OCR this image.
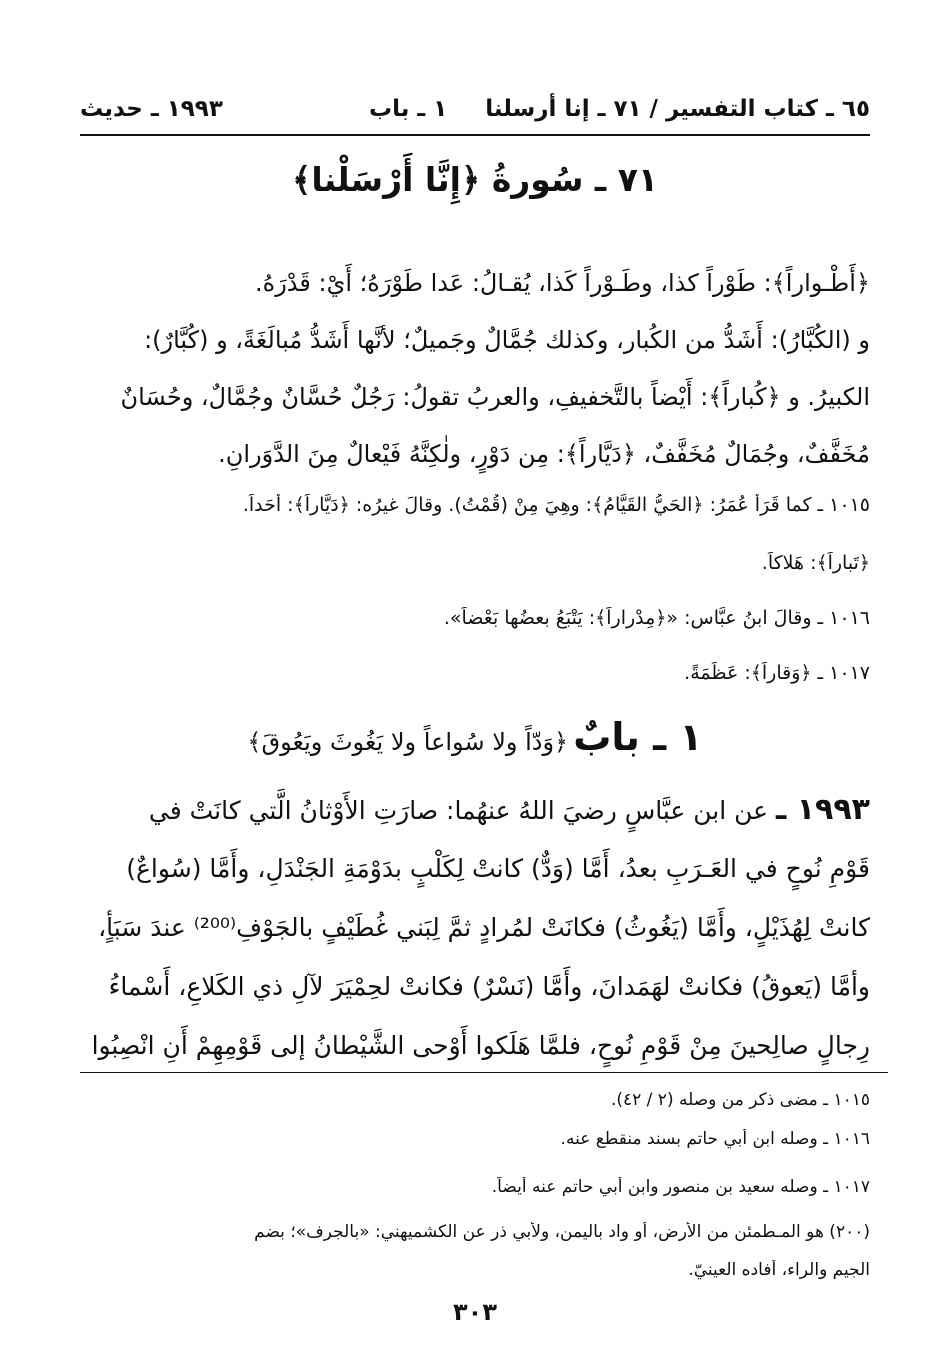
٦٥ ـ كتاب التفسير / ٧١ ـ إنا أرسلنا
١ ـ باب
١٩٩٣ ـ حديث
٧١ ـ سُورةُ ﴿إِنَّا أَرْسَلْنا﴾
﴿أَطْـواراً﴾: طَوْراً كذا، وطَـوْراً كَذا، يُقـالُ: عَدا طَوْرَهُ؛ أَيْ: قَدْرَهُ.
و (الكُبَّارُ): أَشَدُّ من الكُبار، وكذلك جُمَّالٌ وجَميلٌ؛ لأنَّها أَشَدُّ مُبالَغَةً، و (كُبَّارٌ):
الكبيرُ. و ﴿كُباراً﴾: أَيْضاً بالتَّخفيفِ، والعربُ تقولُ: رَجُلٌ حُسَّانٌ وجُمَّالٌ، وحُسَانٌ
مُخَفَّفٌ، وجُمَالٌ مُخَفَّفٌ، ﴿دَيَّاراً﴾: مِن دَوْرٍ، ولٰكِنَّهُ فَيْعالٌ مِنَ الدَّوَرانِ.
١٠١٥ ـ كما قَرَأَ عُمَرُ: ﴿الحَيُّ القَيَّامُ﴾: وهِيَ مِنْ (قُمْتُ). وقالَ غيرُه: ﴿دَيَّاراً﴾: أَحَداً.
﴿تَباراً﴾: هَلاكاً.
١٠١٦ ـ وقالَ ابنُ عبَّاسٍ: «﴿مِدْراراً﴾: يَتْبَعُ بعضُها بَعْضاً».
١٠١٧ ـ ﴿وَقاراً﴾: عَظَمَةً.
١ ـ بابٌ ﴿وَدّاً ولا سُواعاً ولا يَغُوثَ ويَعُوقَ﴾
١٩٩٣ ـ عن ابن عبَّاسٍ رضيَ اللهُ عنهُما: صارَتِ الأَوْثانُ الَّتي كانَتْ في
قَوْمِ نُوحٍ في العَـرَبِ بعدُ، أَمَّا (وَدٌّ) كانتْ لِكَلْبٍ بدَوْمَةِ الجَنْدَلِ، وأَمَّا (سُواعٌ)
كانتْ لِهُذَيْلٍ، وأَمَّا (يَغُوثُ) فكانَتْ لمُرادٍ ثمَّ لِبَني غُطَيْفٍ بالجَوْفِ⁽²⁰⁰⁾ عندَ سَبَأٍ،
وأمَّا (يَعوقُ) فكانتْ لهَمَدانَ، وأَمَّا (نَسْرٌ) فكانتْ لحِمْيَرَ لآلِ ذي الكَلاعِ، أَسْماءُ
رِجالٍ صالِحينَ مِنْ قَوْمِ نُوحٍ، فلمَّا هَلَكوا أَوْحى الشَّيْطانُ إلى قَوْمِهِمْ أَنِ انْصِبُوا
١٠١٥ ـ مضى ذكر من وصله (٢ / ٤٢).
١٠١٦ ـ وصله ابن أبي حاتم بسند منقطع عنه.
١٠١٧ ـ وصله سعيد بن منصور وابن أبي حاتم عنه أيضاً.
(٢٠٠) هو المـطمئن من الأرض، أو واد باليمن، ولأبي ذر عن الكشميهني: «بالجرف»؛ بضم
الجيم والراء، أفاده العينيّ.
٣٠٣
